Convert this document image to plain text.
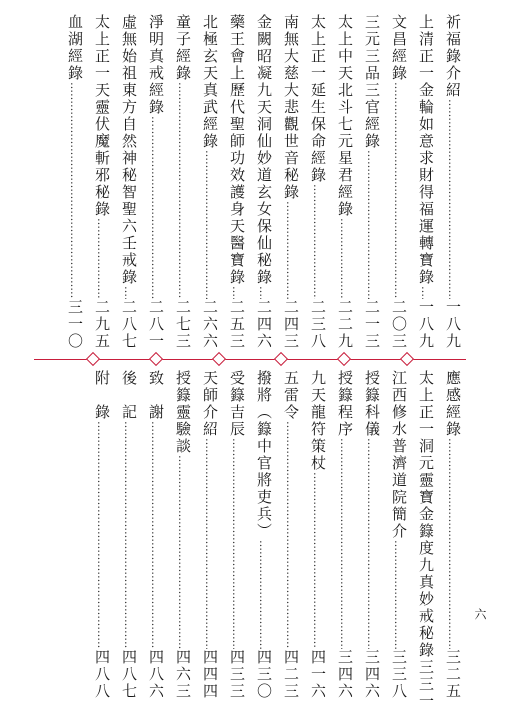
祈福錄介紹
…………………………………………………………………………………………
一八九
上清正一金輪如意求財得福運轉寶錄
…………………………………………………………………………………………
一八九
文昌經錄
…………………………………………………………………………………………
二〇三
三元三品三官經錄
…………………………………………………………………………………………
二一三
太上中天北斗七元星君經錄
…………………………………………………………………………………………
二二九
太上正一延生保命經錄
…………………………………………………………………………………………
二三八
南無大慈大悲觀世音秘錄
…………………………………………………………………………………………
二四三
金闕昭凝九天洞仙妙道玄女保仙秘錄
…………………………………………………………………………………………
二四六
藥王會上歷代聖師功效護身天醫寶錄
…………………………………………………………………………………………
二五三
北極玄天真武經錄
…………………………………………………………………………………………
二六六
童子經錄
…………………………………………………………………………………………
二七三
淨明真戒經錄
…………………………………………………………………………………………
二八一
虛無始祖東方自然神秘智聖六壬戒錄
…………………………………………………………………………………………
二八七
太上正一天靈伏魔斬邪秘錄
…………………………………………………………………………………………
二九五
血湖經錄
…………………………………………………………………………………………
三一〇
應感經錄
…………………………………………………………………………………………
三二五
太上正一洞元靈寶金籙度九真妙戒秘錄
三三一
江西修水普濟道院簡介
…………………………………………………………………………………………
三三八
授籙科儀
…………………………………………………………………………………………
三四六
授籙程序
…………………………………………………………………………………………
三四六
九天龍符策杖
…………………………………………………………………………………………
四一六
五雷令
…………………………………………………………………………………………
四二三
撥將（籙中官將吏兵）
…………………………………………………………………………………………
四三〇
受籙吉辰
…………………………………………………………………………………………
四三三
天師介紹
…………………………………………………………………………………………
四四四
授籙靈驗談
…………………………………………………………………………………………
四六三
致　謝
…………………………………………………………………………………………
四八六
後　記
…………………………………………………………………………………………
四八七
附　錄
…………………………………………………………………………………………
四八八
六
